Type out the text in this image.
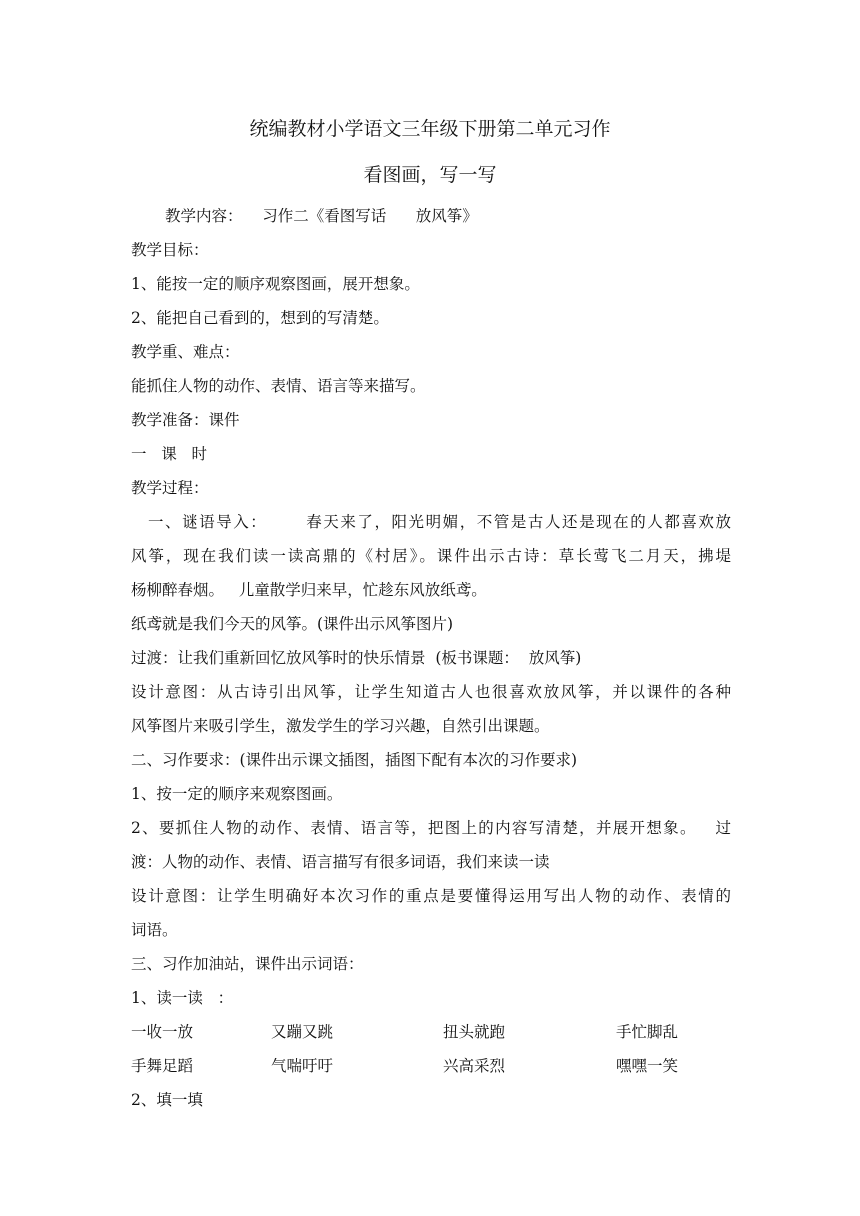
统编教材小学语文三年级下册第二单元习作
看图画，写一写
教学内容：    习作二《看图写话      放风筝》
教学目标：
1、能按一定的顺序观察图画，展开想象。
2、能把自己看到的，想到的写清楚。
教学重、难点：
能抓住人物的动作、表情、语言等来描写。
教学准备：课件
一   课   时
教学过程：
一、谜语导入：      春天来了，阳光明媚，不管是古人还是现在的人都喜欢放
风筝，现在我们读一读高鼎的《村居》。课件出示古诗：草长莺飞二月天，拂堤
杨柳醉春烟。   儿童散学归来早，忙趁东风放纸鸢。
纸鸢就是我们今天的风筝。(课件出示风筝图片)
过渡：让我们重新回忆放风筝时的快乐情景  (板书课题：  放风筝)
设计意图：从古诗引出风筝，让学生知道古人也很喜欢放风筝，并以课件的各种
风筝图片来吸引学生，激发学生的学习兴趣，自然引出课题。
二、习作要求：(课件出示课文插图，插图下配有本次的习作要求)
1、按一定的顺序来观察图画。
2、要抓住人物的动作、表情、语言等，把图上的内容写清楚，并展开想象。   过
渡：人物的动作、表情、语言描写有很多词语，我们来读一读
设计意图：让学生明确好本次习作的重点是要懂得运用写出人物的动作、表情的
词语。
三、习作加油站，课件出示词语：
1、读一读   ：
一收一放	又蹦又跳	扭头就跑	手忙脚乱
手舞足蹈	气喘吁吁	兴高采烈	嘿嘿一笑
2、填一填
